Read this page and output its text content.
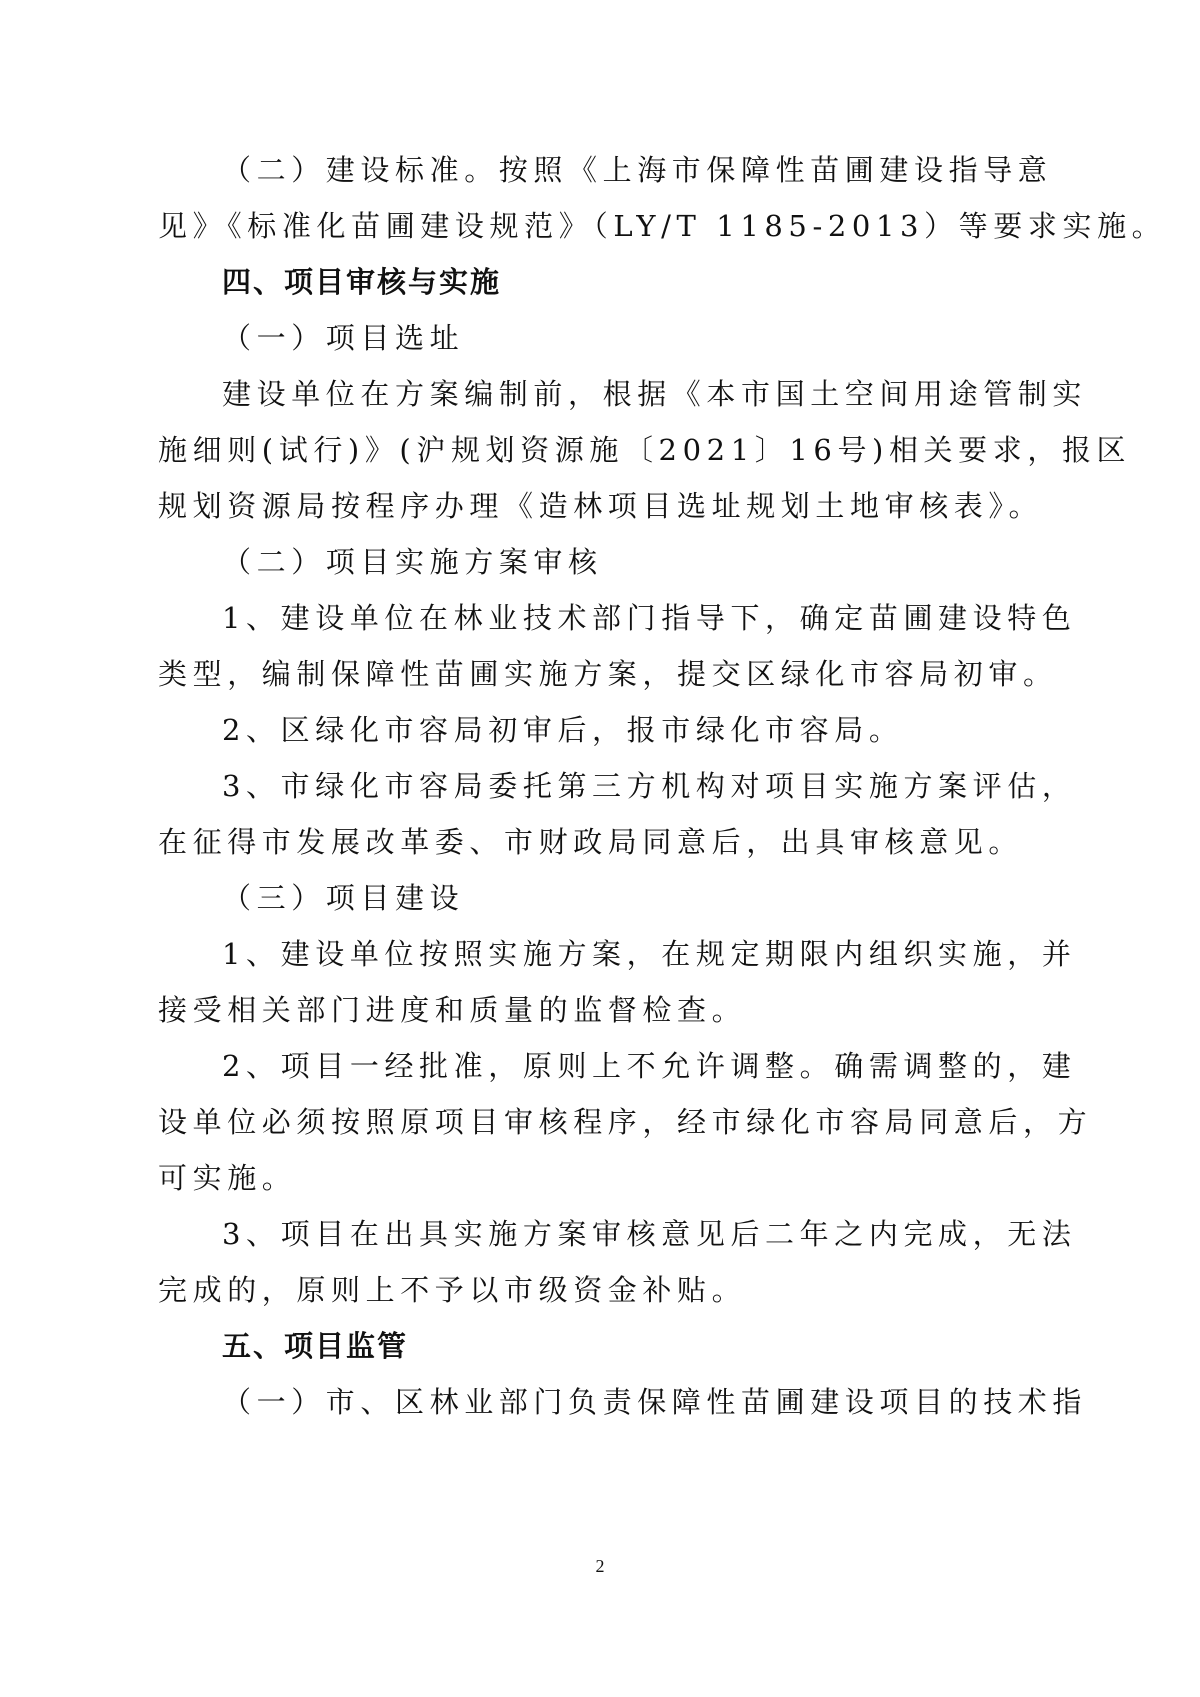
（二）建设标准。按照《上海市保障性苗圃建设指导意
见》《标准化苗圃建设规范》（LY/T 1185-2013）等要求实施。
四、项目审核与实施
（一）项目选址
建设单位在方案编制前，根据《本市国土空间用途管制实
施细则(试行)》(沪规划资源施〔2021〕16号)相关要求，报区
规划资源局按程序办理《造林项目选址规划土地审核表》。
（二）项目实施方案审核
1、建设单位在林业技术部门指导下，确定苗圃建设特色
类型，编制保障性苗圃实施方案，提交区绿化市容局初审。
2、区绿化市容局初审后，报市绿化市容局。
3、市绿化市容局委托第三方机构对项目实施方案评估，
在征得市发展改革委、市财政局同意后，出具审核意见。
（三）项目建设
1、建设单位按照实施方案，在规定期限内组织实施，并
接受相关部门进度和质量的监督检查。
2、项目一经批准，原则上不允许调整。确需调整的，建
设单位必须按照原项目审核程序，经市绿化市容局同意后，方
可实施。
3、项目在出具实施方案审核意见后二年之内完成，无法
完成的，原则上不予以市级资金补贴。
五、项目监管
（一）市、区林业部门负责保障性苗圃建设项目的技术指
2
